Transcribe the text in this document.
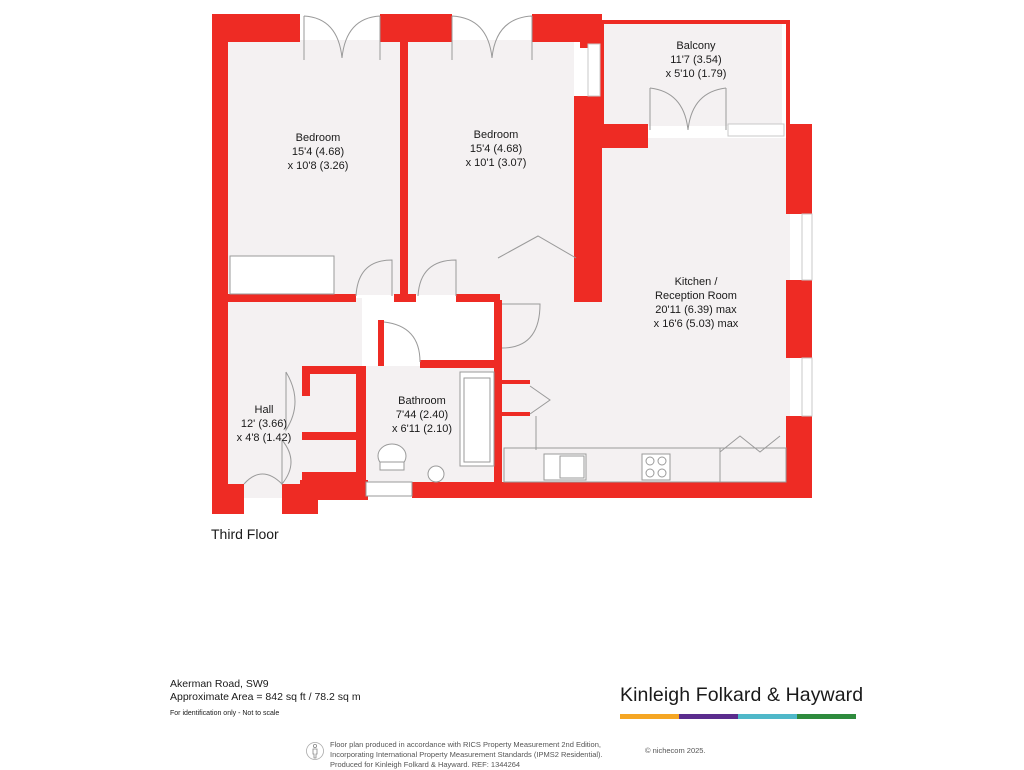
Bedroom
15'4 (4.68)
x 10'8 (3.26)
Bedroom
15'4 (4.68)
x 10'1 (3.07)
Balcony
11'7 (3.54)
x 5'10 (1.79)
Kitchen /
Reception Room
20'11 (6.39) max
x 16'6 (5.03) max
Bathroom
7'44 (2.40)
x 6'11 (2.10)
Hall
12' (3.66)
x 4'8 (1.42)
Third Floor
Akerman Road, SW9
Approximate Area = 842 sq ft / 78.2 sq m
For identification only - Not to scale
Kinleigh Folkard & Hayward
Floor plan produced in accordance with RICS Property Measurement 2nd Edition,
Incorporating International Property Measurement Standards (IPMS2 Residential).
Produced for Kinleigh Folkard & Hayward. REF: 1344264
© nichecom 2025.
